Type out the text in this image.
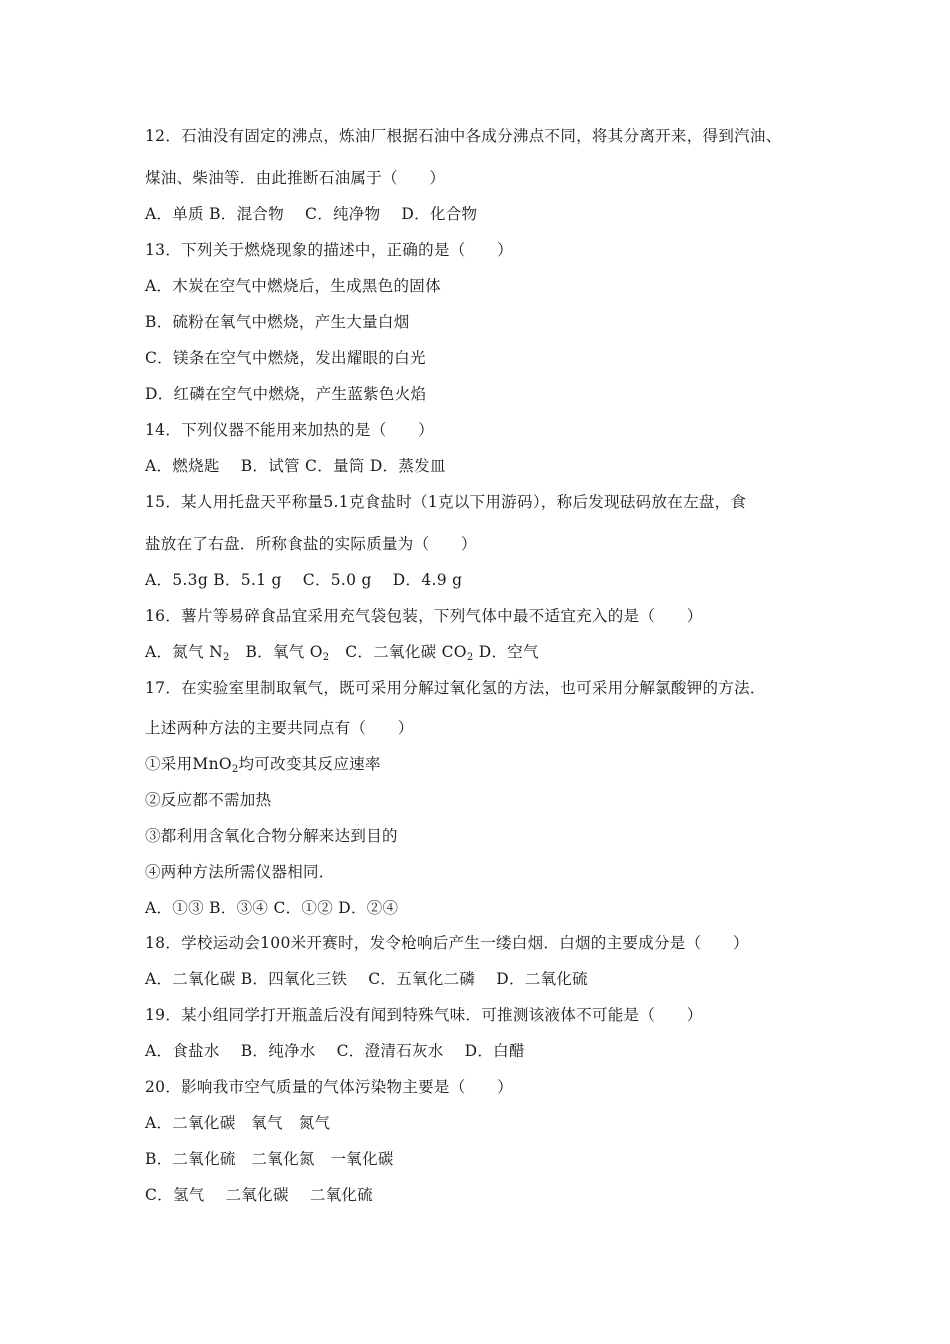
12．石油没有固定的沸点，炼油厂根据石油中各成分沸点不同，将其分离开来，得到汽油、
煤油、柴油等．由此推断石油属于（　　）
A．单质 B．混合物　 C．纯净物　 D．化合物
13．下列关于燃烧现象的描述中，正确的是（　　）
A．木炭在空气中燃烧后，生成黑色的固体
B．硫粉在氧气中燃烧，产生大量白烟
C．镁条在空气中燃烧，发出耀眼的白光
D．红磷在空气中燃烧，产生蓝紫色火焰
14．下列仪器不能用来加热的是（　　）
A．燃烧匙　 B．试管 C．量筒 D．蒸发皿
15．某人用托盘天平称量5.1克食盐时（1克以下用游码），称后发现砝码放在左盘，食
盐放在了右盘．所称食盐的实际质量为（　　）
A．5.3g B．5.1 g　 C．5.0 g　 D．4.9 g
16．薯片等易碎食品宜采用充气袋包装，下列气体中最不适宜充入的是（　　）
A．氮气 $N_2$　B．氧气 $O_2$　C．二氧化碳 $CO_2$ D．空气
17．在实验室里制取氧气，既可采用分解过氧化氢的方法，也可采用分解氯酸钾的方法．
上述两种方法的主要共同点有（　　）
①采用MnO$_2$均可改变其反应速率
②反应都不需加热
③都利用含氧化合物分解来达到目的
④两种方法所需仪器相同．
A．①③ B．③④ C．①② D．②④
18．学校运动会100米开赛时，发令枪响后产生一缕白烟．白烟的主要成分是（　　）
A．二氧化碳 B．四氧化三铁　 C．五氧化二磷　 D．二氧化硫
19．某小组同学打开瓶盖后没有闻到特殊气味．可推测该液体不可能是（　　）
A．食盐水　 B．纯净水　 C．澄清石灰水　 D．白醋
20．影响我市空气质量的气体污染物主要是（　　）
A．二氧化碳　氧气　氮气
B．二氧化硫　二氧化氮　一氧化碳
C．氢气　 二氧化碳　 二氧化硫
